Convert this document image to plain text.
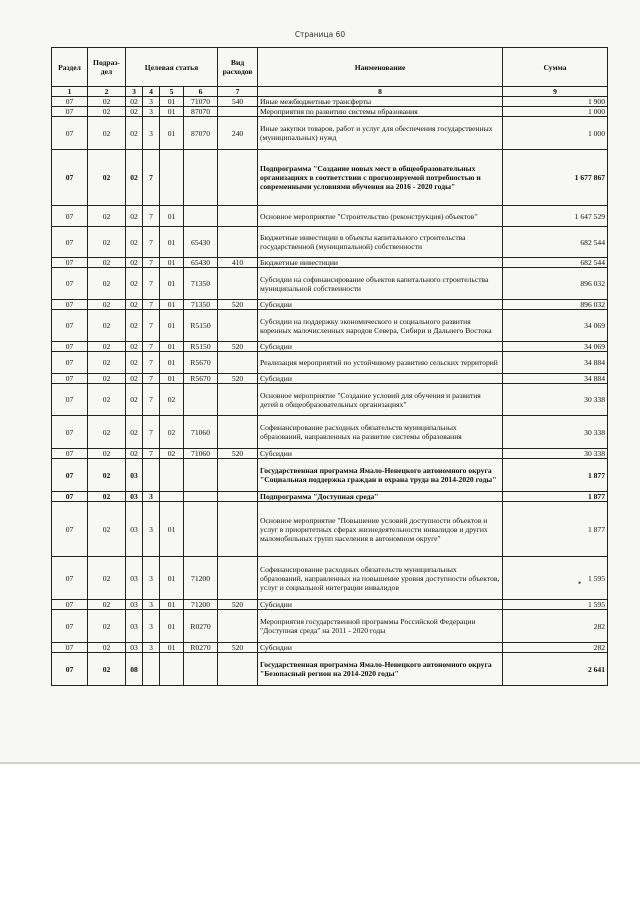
Страница 60
Раздел	Подраз-дел	Целевая статья				Вид расходов	Наименование	Сумма
1	2	3	4	5	6	7	8	9
07	02	02	3	01	71070	540	Иные межбюджетные трансферты	1 900
07	02	02	3	01	87070		Мероприятия по развитию системы образования	1 000
07	02	02	3	01	87070	240	Иные закупки товаров, работ и услуг для обеспечения государственных (муниципальных) нужд	1 000
07	02	02	7				Подпрограмма "Создание новых мест в общеобразовательных организациях в соответствии с прогнозируемой потребностью и современными условиями обучения на 2016 - 2020 годы"	1 677 867
07	02	02	7	01			Основное мероприятие "Строительство (реконструкция) объектов"	1 647 529
07	02	02	7	01	65430		Бюджетные инвестиции в объекты капитального строительства государственной (муниципальной) собственности	682 544
07	02	02	7	01	65430	410	Бюджетные инвестиции	682 544
07	02	02	7	01	71350		Субсидии на софинансирование объектов капитального строительства муниципальной собственности	896 032
07	02	02	7	01	71350	520	Субсидии	896 032
07	02	02	7	01	R5150		Субсидии на поддержку экономического и социального развития коренных малочисленных народов Севера, Сибири и Дальнего Востока	34 069
07	02	02	7	01	R5150	520	Субсидии	34 069
07	02	02	7	01	R5670		Реализация мероприятий по устойчивому развитию сельских территорий	34 884
07	02	02	7	01	R5670	520	Субсидии	34 884
07	02	02	7	02			Основное мероприятие "Создание условий для обучения и развития детей в общеобразовательных организациях"	30 338
07	02	02	7	02	71060		Софинансирование расходных обязательств муниципальных образований, направленных на развитие системы образования	30 338
07	02	02	7	02	71060	520	Субсидии	30 338
07	02	03					Государственная программа Ямало-Ненецкого автономного округа "Социальная поддержка граждан и охрана труда на 2014-2020 годы"	1 877
07	02	03	3				Подпрограмма "Доступная среда"	1 877
07	02	03	3	01			Основное мероприятие "Повышение условий доступности объектов и услуг в приоритетных сферах жизнедеятельности инвалидов и других маломобильных групп населения в автономном округе"	1 877
07	02	03	3	01	71200		Софинансирование расходных обязательств муниципальных образований, направленных на повышение уровня доступности объектов, услуг и социальной интеграции инвалидов	1 595
07	02	03	3	01	71200	520	Субсидии	1 595
07	02	03	3	01	R0270		Мероприятия государственной программы Российской Федерации "Доступная среда" на 2011 - 2020 годы	282
07	02	03	3	01	R0270	520	Субсидии	282
07	02	08					Государственная программа Ямало-Ненецкого автономного округа "Безопасный регион на 2014-2020 годы"	2 641
•
